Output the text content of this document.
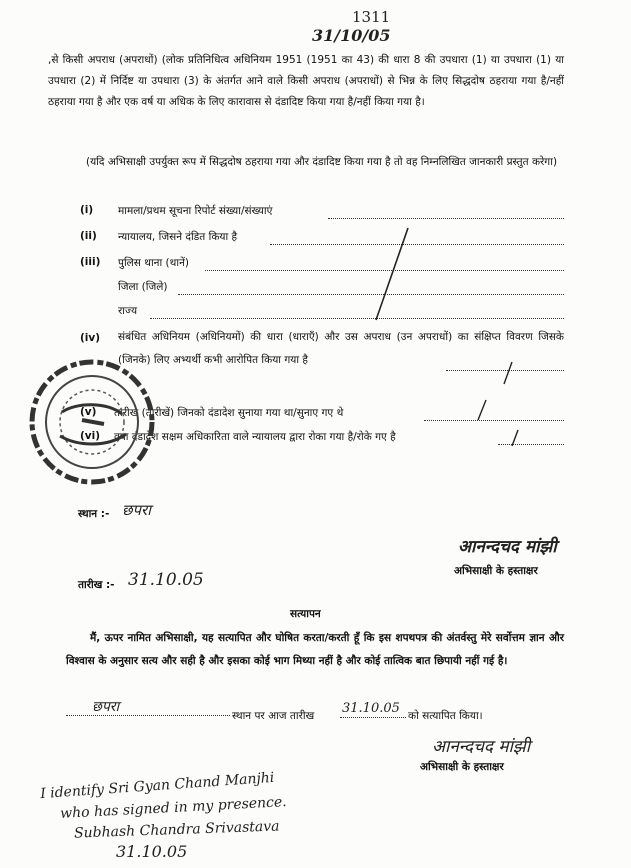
1311
31/10/05
,से किसी अपराध (अपराधों) (लोक प्रतिनिधित्व अधिनियम 1951 (1951 का 43) की धारा 8 की उपधारा (1) या उपधारा (1) या उपधारा (2) में निर्दिष्ट या उपधारा (3) के अंतर्गत आने वाले किसी अपराध (अपराधों) से भिन्न के लिए सिद्धदोष ठहराया गया है/नहीं ठहराया गया है और एक वर्ष या अधिक के लिए कारावास से दंडादिष्ट किया गया है/नहीं किया गया है।
(यदि अभिसाक्षी उपर्युक्त रूप में सिद्धदोष ठहराया गया और दंडादिष्ट किया गया है तो वह निम्नलिखित जानकारी प्रस्तुत करेगा)
(i) मामला/प्रथम सूचना रिपोर्ट संख्या/संख्याएं
(ii) न्यायालय, जिसने दंडित किया है
(iii) पुलिस थाना (थानें)
जिला (जिले)
राज्य
(iv) संबंधित अधिनियम (अधिनियमों) की धारा (धाराएँ) और उस अपराध (उन अपराधों) का संक्षिप्त विवरण जिसके (जिनके) लिए अभ्यर्थी कभी आरोपित किया गया है
(v) तारीख (तारीखें) जिनको दंडादेश सुनाया गया था/सुनाए गए थे
(vi) क्या दंडादेश सक्षम अधिकारिता वाले न्यायालय द्वारा रोका गया है/रोके गए है
स्थान :- छपरा
आनन्दचद मांझी
अभिसाक्षी के हस्ताक्षर
तारीख :- 31.10.05
सत्यापन
मैं, ऊपर नामित अभिसाक्षी, यह सत्यापित और घोषित करता/करती हूँ कि इस शपथपत्र की अंतर्वस्तु मेरे सर्वोत्तम ज्ञान और विश्वास के अनुसार सत्य और सही है और इसका कोई भाग मिथ्या नहीं है और कोई तात्विक बात छिपायी नहीं गई है।
छपरा
स्थान पर आज तारीख 31.10.05 को सत्यापित किया।
आनन्दचद मांझी
अभिसाक्षी के हस्ताक्षर
I identify Sri Gyan Chand Manjhi
who has signed in my presence.
Subhash Chandra Srivastava
31.10.05
